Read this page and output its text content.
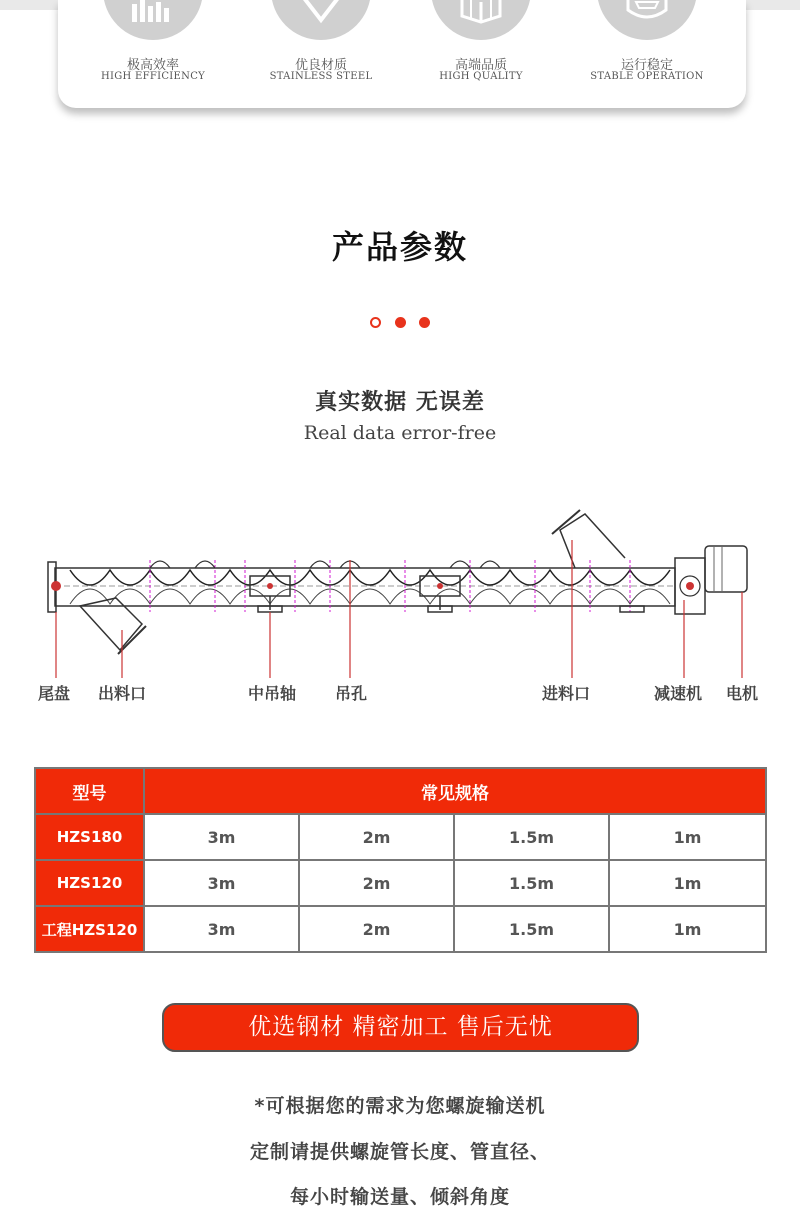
极高效率
HIGH EFFICIENCY
优良材质
STAINLESS STEEL
高端品质
HIGH QUALITY
运行稳定
STABLE OPERATION
产品参数
真实数据 无误差
Real data error-free
尾盘 出料口	中吊轴 吊孔	进料口	减速机 电机
型号	常见规格			
HZS180	3m	2m	1.5m	1m
HZS120	3m	2m	1.5m	1m
工程HZS120	3m	2m	1.5m	1m
优选钢材 精密加工 售后无忧
*可根据您的需求为您螺旋输送机
定制请提供螺旋管长度、管直径、
每小时输送量、倾斜角度
